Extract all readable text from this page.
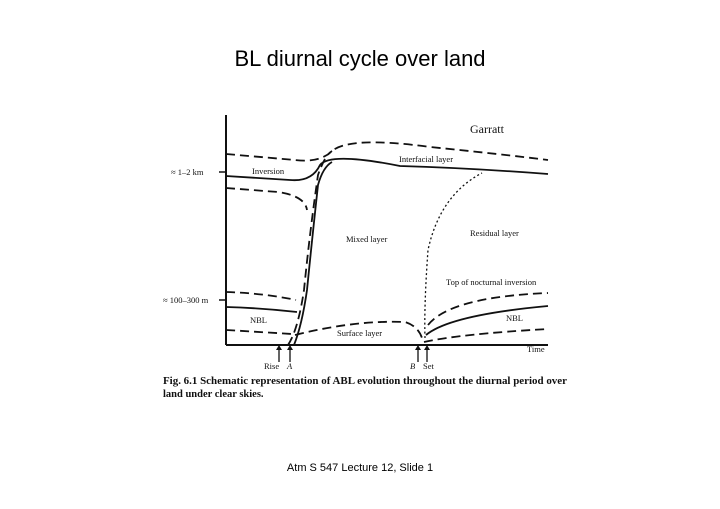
BL diurnal cycle over land
Garratt
≈ 1–2 km
≈ 100–300 m
Interfacial layer
Inversion
Mixed layer
Residual layer
Top of nocturnal inversion
NBL	NBL
Surface layer
Time
Rise A	B Set
Fig. 6.1 Schematic representation of ABL evolution throughout the diurnal period over
land under clear skies.
Atm S 547 Lecture 12, Slide 1
